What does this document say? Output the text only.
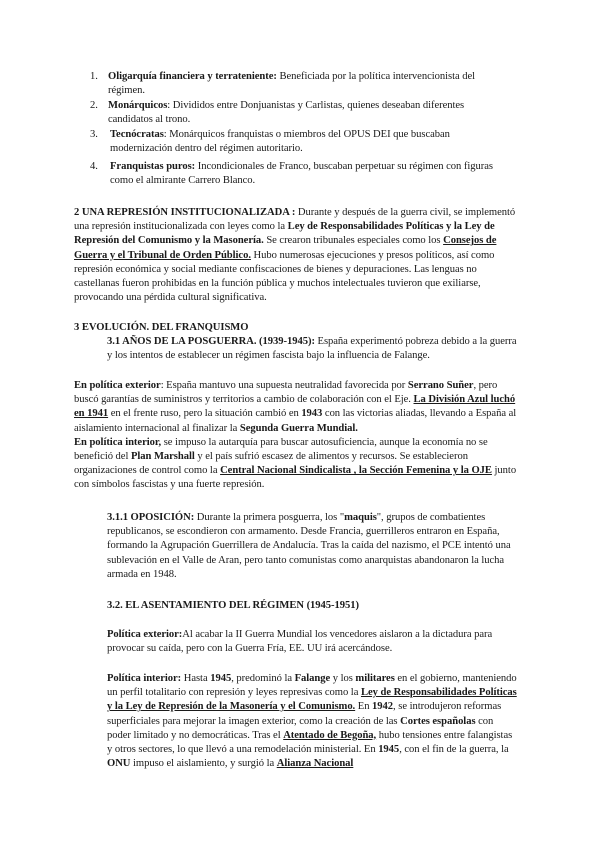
1. Oligarquía financiera y terrateniente: Beneficiada por la política intervencionista del régimen.
2. Monárquicos: Divididos entre Donjuanistas y Carlistas, quienes deseaban diferentes candidatos al trono.
3. Tecnócratas: Monárquicos franquistas o miembros del OPUS DEI que buscaban modernización dentro del régimen autoritario.
4. Franquistas puros: Incondicionales de Franco, buscaban perpetuar su régimen con figuras como el almirante Carrero Blanco.
2 UNA REPRESIÓN INSTITUCIONALIZADA : Durante y después de la guerra civil, se implementó una represión institucionalizada con leyes como la Ley de Responsabilidades Políticas y la Ley de Represión del Comunismo y la Masonería. Se crearon tribunales especiales como los Consejos de Guerra y el Tribunal de Orden Público. Hubo numerosas ejecuciones y presos políticos, así como represión económica y social mediante confiscaciones de bienes y depuraciones. Las lenguas no castellanas fueron prohibidas en la función pública y muchos intelectuales tuvieron que exiliarse, provocando una pérdida cultural significativa.
3 EVOLUCIÓN. DEL FRANQUISMO
3.1 AÑOS DE LA POSGUERRA. (1939-1945): España experimentó pobreza debido a la guerra y los intentos de establecer un régimen fascista bajo la influencia de Falange.
En política exterior: España mantuvo una supuesta neutralidad favorecida por Serrano Suñer, pero buscó garantías de suministros y territorios a cambio de colaboración con el Eje. La División Azul luchó en 1941 en el frente ruso, pero la situación cambió en 1943 con las victorias aliadas, llevando a España al aislamiento internacional al finalizar la Segunda Guerra Mundial.
En política interior, se impuso la autarquía para buscar autosuficiencia, aunque la economía no se benefició del Plan Marshall y el país sufrió escasez de alimentos y recursos. Se establecieron organizaciones de control como la Central Nacional Sindicalista , la Sección Femenina y la OJE junto con símbolos fascistas y una fuerte represión.
3.1.1 OPOSICIÓN: Durante la primera posguerra, los "maquis", grupos de combatientes republicanos, se escondieron con armamento. Desde Francia, guerrilleros entraron en España, formando la Agrupación Guerrillera de Andalucía. Tras la caída del nazismo, el PCE intentó una sublevación en el Valle de Aran, pero tanto comunistas como anarquistas abandonaron la lucha armada en 1948.
3.2. EL ASENTAMIENTO DEL RÉGIMEN (1945-1951)
Política exterior:Al acabar la II Guerra Mundial los vencedores aislaron a la dictadura para provocar su caída, pero con la Guerra Fría, EE. UU irá acercándose.
Política interior: Hasta 1945, predominó la Falange y los militares en el gobierno, manteniendo un perfil totalitario con represión y leyes represivas como la Ley de Responsabilidades Políticas y la Ley de Represión de la Masonería y el Comunismo. En 1942, se introdujeron reformas superficiales para mejorar la imagen exterior, como la creación de las Cortes españolas con poder limitado y no democráticas. Tras el Atentado de Begoña, hubo tensiones entre falangistas y otros sectores, lo que llevó a una remodelación ministerial. En 1945, con el fin de la guerra, la ONU impuso el aislamiento, y surgió la Alianza Nacional
